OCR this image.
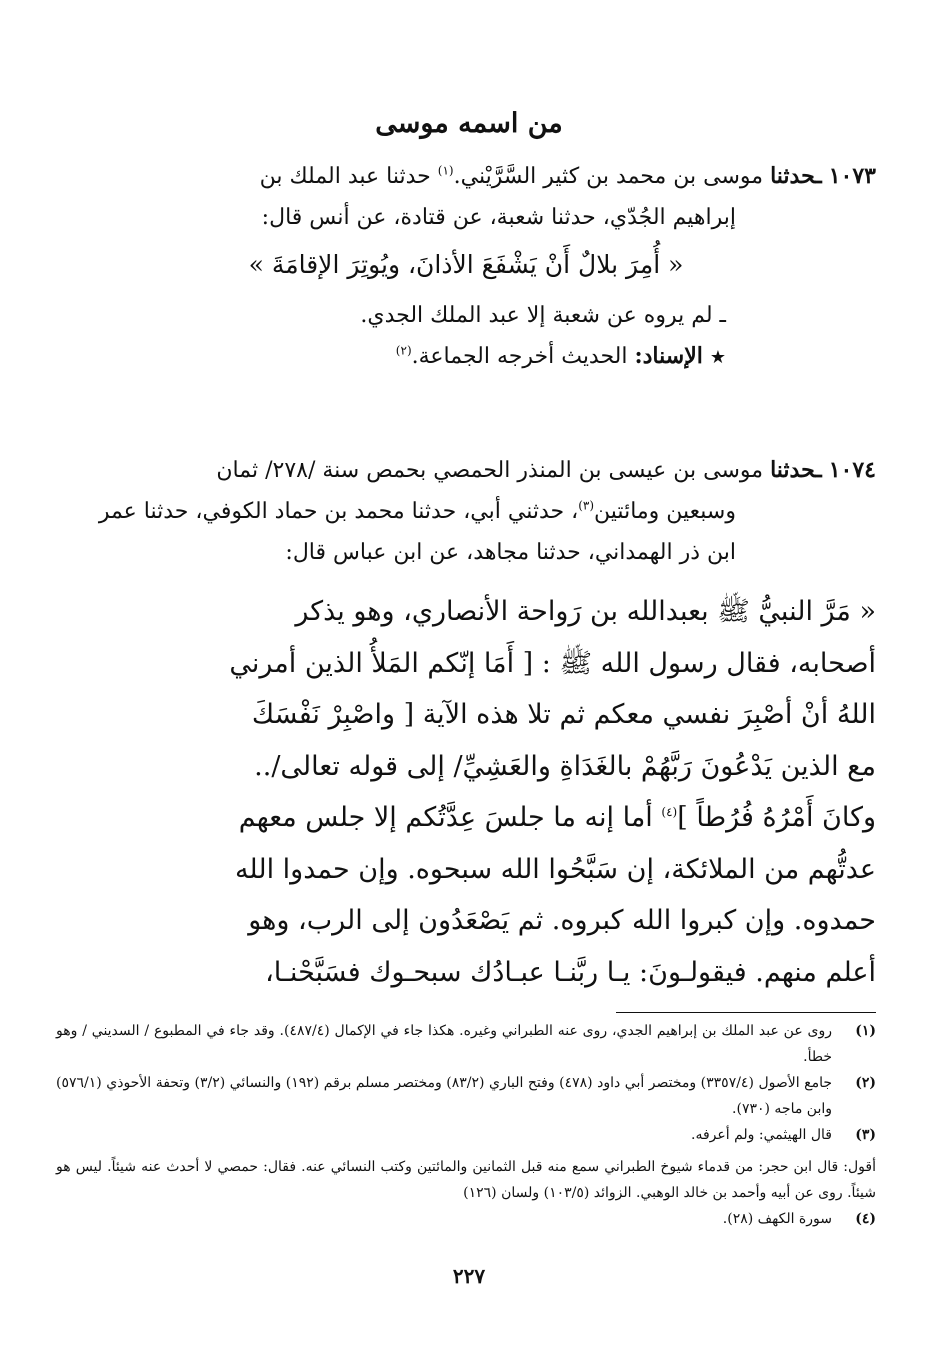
من اسمه موسى
١٠٧٣ ـحدثنا موسى بن محمد بن كثير السَّرَّيْني.$^{(١)}$ حدثنا عبد الملك بن
إبراهيم الجُدّي، حدثنا شعبة، عن قتادة، عن أنس قال:
« أُمِرَ بلالٌ أَنْ يَشْفَعَ الأذانَ، ويُوتِرَ الإقامَةَ »
ـ لم يروه عن شعبة إلا عبد الملك الجدي.
★ الإسناد: الحديث أخرجه الجماعة.$^{(٢)}$
١٠٧٤ ـحدثنا موسى بن عيسى بن المنذر الحمصي بحمص سنة /٢٧٨/ ثمان
وسبعين ومائتين$^{(٣)}$، حدثني أبي، حدثنا محمد بن حماد الكوفي، حدثنا عمر
ابن ذر الهمداني، حدثنا مجاهد، عن ابن عباس قال:
« مَرَّ النبيُّ ﷺ بعبدالله بن رَواحة الأنصاري، وهو يذكر
أصحابه، فقال رسول الله ﷺ : [ أَمَا إنّكم المَلأُ الذين أمرني
اللهُ أنْ أصْبِرَ نفسي معكم ثم تلا هذه الآية [ واصْبِرْ نَفْسَكَ
مع الذين يَدْعُونَ رَبَّهُمْ بالغَدَاةِ والعَشِيِّ/ إلى قوله تعالى/..
وكانَ أَمْرُهُ فُرُطاً ]$^{(٤)}$ أما إنه ما جلسَ عِدَّتُكم إلا جلس معهم
عدتُّهم من الملائكة، إن سَبَّحُوا الله سبحوه. وإن حمدوا الله
حمدوه. وإن كبروا الله كبروه. ثم يَصْعَدُون إلى الرب، وهو
أعلم منهم. فيقولـونَ: يـا ربَّنـا عبـادُك سبحـوك فسَبَّحْنـا،
(١)
روى عن عبد الملك بن إبراهيم الجدي، روى عنه الطبراني وغيره. هكذا جاء في الإكمال (٤٨٧/٤). وقد جاء في المطبوع / السديني / وهو خطأ.
(٢)
جامع الأصول (٣٣٥٧/٤) ومختصر أبي داود (٤٧٨) وفتح الباري (٨٣/٢) ومختصر مسلم برقم (١٩٢) والنسائي (٣/٢) وتحفة الأحوذي (٥٧٦/١) وابن ماجه (٧٣٠).
(٣)
قال الهيثمي: ولم أعرفه.
أقول: قال ابن حجر: من قدماء شيوخ الطبراني سمع منه قبل الثمانين والمائتين وكتب النسائي عنه. فقال: حمصي لا أحدث عنه شيئاً. ليس هو شيئاً. روى عن أبيه وأحمد بن خالد الوهبي. الزوائد (١٠٣/٥) ولسان (١٢٦)
(٤)
سورة الكهف (٢٨).
٢٢٧
